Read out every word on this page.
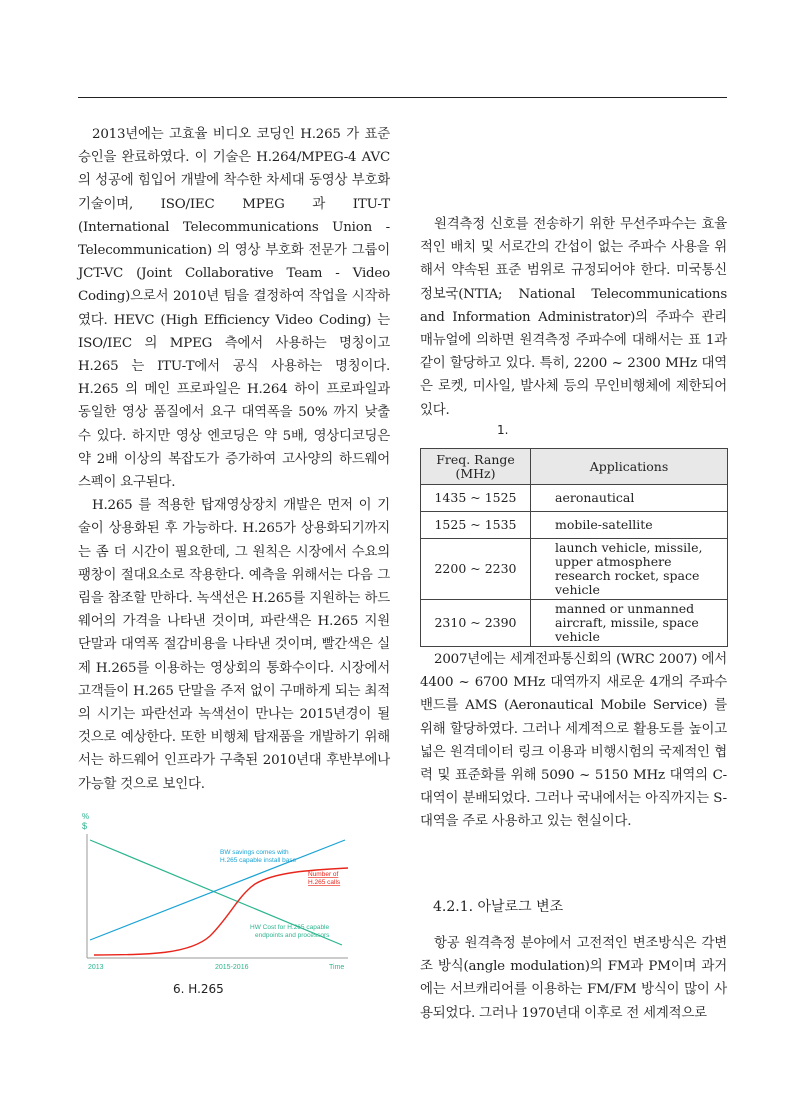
2013년에는 고효율 비디오 코딩인 H.265 가 표준승인을 완료하였다. 이 기술은 H.264/MPEG-4 AVC의 성공에 힘입어 개발에 착수한 차세대 동영상 부호화 기술이며, ISO/IEC MPEG 과 ITU-T (International Telecommunications Union - Telecommunication) 의 영상 부호화 전문가 그룹이 JCT-VC (Joint Collaborative Team - Video Coding)으로서 2010년 팀을 결정하여 작업을 시작하였다. HEVC (High Efficiency Video Coding) 는 ISO/IEC 의 MPEG 측에서 사용하는 명칭이고 H.265 는 ITU-T에서 공식 사용하는 명칭이다. H.265 의 메인 프로파일은 H.264 하이 프로파일과 동일한 영상 품질에서 요구 대역폭을 50% 까지 낮출 수 있다. 하지만 영상 엔코딩은 약 5배, 영상디코딩은 약 2배 이상의 복잡도가 증가하여 고사양의 하드웨어 스펙이 요구된다.

H.265 를 적용한 탑재영상장치 개발은 먼저 이 기술이 상용화된 후 가능하다. H.265가 상용화되기까지는 좀 더 시간이 필요한데, 그 원칙은 시장에서 수요의 팽창이 절대요소로 작용한다. 예측을 위해서는 다음 그림을 참조할 만하다. 녹색선은 H.265를 지원하는 하드웨어의 가격을 나타낸 것이며, 파란색은 H.265 지원 단말과 대역폭 절감비용을 나타낸 것이며, 빨간색은 실제 H.265를 이용하는 영상회의 통화수이다. 시장에서 고객들이 H.265 단말을 주저 없이 구매하게 되는 최적의 시기는 파란선과 녹색선이 만나는 2015년경이 될 것으로 예상한다. 또한 비행체 탑재품을 개발하기 위해서는 하드웨어 인프라가 구축된 2010년대 후반부에나 가능할 것으로 보인다.

%
$
BW savings comes with
H.265 capable install base
Number of
H.265 calls
HW Cost for H.265 capable
endpoints and processors
2013	2015-2016	Time
6. H.265

원격측정 신호를 전송하기 위한 무선주파수는 효율적인 배치 및 서로간의 간섭이 없는 주파수 사용을 위해서 약속된 표준 범위로 규정되어야 한다. 미국통신정보국(NTIA; National Telecommunications and Information Administrator)의 주파수 관리 매뉴얼에 의하면 원격측정 주파수에 대해서는 표 1과 같이 할당하고 있다. 특히, 2200 ~ 2300 MHz 대역은 로켓, 미사일, 발사체 등의 무인비행체에 제한되어 있다.

1.
Freq. Range
(MHz)	Applications
1435 ~ 1525	aeronautical
1525 ~ 1535	mobile-satellite
2200 ~ 2230	launch vehicle, missile, upper atmosphere research rocket, space vehicle
2310 ~ 2390	manned or unmanned aircraft, missile, space vehicle

2007년에는 세계전파통신회의 (WRC 2007) 에서 4400 ~ 6700 MHz 대역까지 새로운 4개의 주파수 밴드를 AMS (Aeronautical Mobile Service) 를 위해 할당하였다. 그러나 세계적으로 활용도를 높이고 넓은 원격데이터 링크 이용과 비행시험의 국제적인 협력 및 표준화를 위해 5090 ~ 5150 MHz 대역의 C-대역이 분배되었다. 그러나 국내에서는 아직까지는 S-대역을 주로 사용하고 있는 현실이다.

4.2.1. 아날로그 변조

항공 원격측정 분야에서 고전적인 변조방식은 각변조 방식(angle modulation)의 FM과 PM이며 과거에는 서브캐리어를 이용하는 FM/FM 방식이 많이 사용되었다. 그러나 1970년대 이후로 전 세계적으로
